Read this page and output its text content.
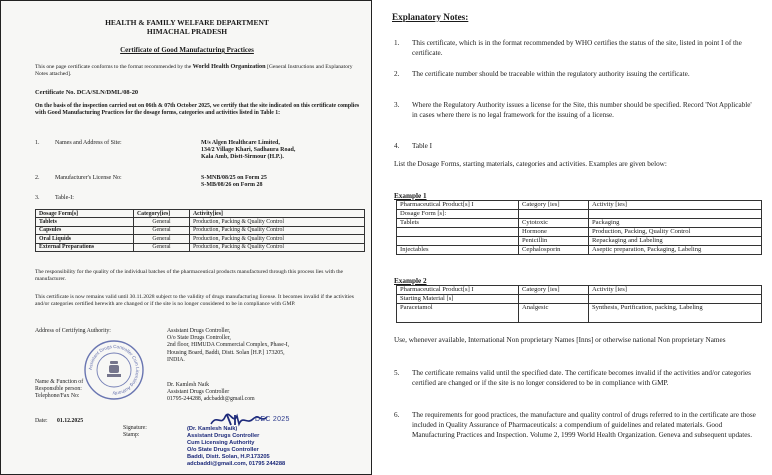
HEALTH & FAMILY WELFARE DEPARTMENT
HIMACHAL PRADESH
Certificate of Good Manufacturing Practices
This one page certificate conforms to the format recommended by the World Health Organization [General Instructions and Explanatory Notes attached].
Certificate No. DCA/SLN/DML/08-20
On the basis of the inspection carried out on 06th & 07th October 2025, we certify that the site indicated on this certificate complies with Good Manufacturing Practices for the dosage forms, categories and activities listed in Table 1:
1.	Names and Address of Site:	M/s Algen Healthcare Limited,
134/2 Village Khari, Sadhaura Road,
Kala Amb, Distt-Sirmour (H.P.).
2.	Manufacturer's License No:	S-MNB/08/25 on Form 25
S-MB/08/26 on Form 28
3.	Table-I:
Dosage Form[s]	Category[ies]	Activity[ies]
Tablets	General	Production, Packing & Quality Control
Capsules	General	Production, Packing & Quality Control
Oral Liquids	General	Production, Packing & Quality Control
External Preparations	General	Production, Packing & Quality Control
The responsibility for the quality of the individual batches of the pharmaceutical products manufactured through this process lies with the manufacturer.
This certificate is now remains valid until 30.11.2028 subject to the validity of drugs manufacturing license. It becomes invalid if the activities and/or categories certified herewith are changed or if the site is no longer considered to be in compliance with GMP.
Address of Certifying Authority:	Assistant Drugs Controller,
O/o State Drugs Controller,
2nd floor, HIMUDA Commercial Complex, Phase-I,
Housing Board, Baddi, Distt. Solan [H.P.] 173205,
INDIA.
Assistant Drugs Controller Cum Licensing Authority
Name & Function of
Responsible person:
Telephone/Fax No:
Dr. Kamlesh Naik
Assistant Drugs Controller
01795-244288, adcbaddi@gmail.com
Date: 01.12.2025
Signature:
Stamp:
DEC 2025
(Dr. Kamlesh Naik)
Assistant Drugs Controller
Cum Licensing Authority
O/o State Drugs Controller
Baddi, Distt. Solan, H.P.173205
adcbaddi@gmail.com, 01795 244288
Explanatory Notes:
1. This certificate, which is in the format recommended by WHO certifies the status of the site, listed in point I of the certificate.
2. The certificate number should be traceable within the regulatory authority issuing the certificate.
3. Where the Regulatory Authority issues a license for the Site, this number should be specified. Record 'Not Applicable' in cases where there is no legal framework for the issuing of a license.
4. Table I
List the Dosage Forms, starting materials, categories and activities. Examples are given below:
Example 1
Pharmaceutical Product[s] I	Category [ies]	Activity [ies]
Dosage Form [s]:		
Tablets	Cytotoxic	Packaging
	Hormone	Production, Packing, Quality Control
	Penicillin	Repackaging and Labeling
Injectables	Cephalosporin	Aseptic preparation, Packaging, Labeling
Example 2
Pharmaceutical Product[s] I	Category [ies]	Activity [ies]
Starting Material [s]		
Paracetamol	Analgesic	Synthesis, Purification, packing, Labeling
Use, whenever available, International Non proprietary Names [Inns] or otherwise national Non proprietary Names
5. The certificate remains valid until the specified date. The certificate becomes invalid if the activities and/or categories certified are changed or if the site is no longer considered to be in compliance with GMP.
6. The requirements for good practices, the manufacture and quality control of drugs referred to in the certificate are those included in Quality Assurance of Pharmaceuticals: a compendium of guidelines and related materials. Good Manufacturing Practices and Inspection. Volume 2, 1999 World Health Organization. Geneva and subsequent updates.
